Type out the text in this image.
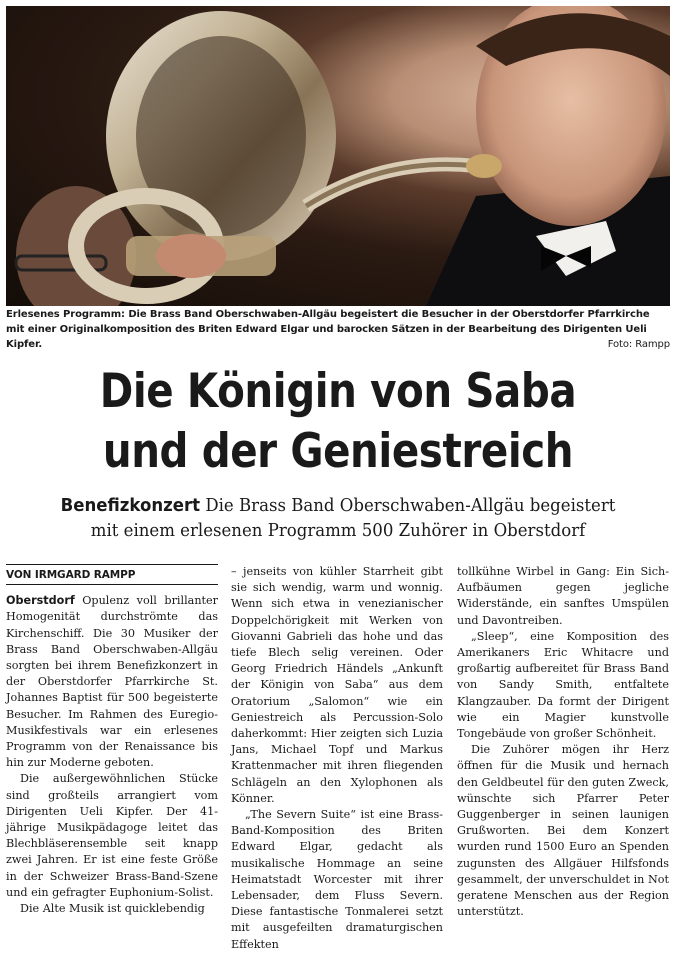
Erlesenes Programm: Die Brass Band Oberschwaben-Allgäu begeistert die Besucher in der Oberstdorfer Pfarrkirche mit einer Originalkomposition des Briten Edward Elgar und barocken Sätzen in der Bearbeitung des Dirigenten Ueli Kipfer.	Foto: Rampp
Die Königin von Saba
und der Geniestreich
Benefizkonzert Die Brass Band Oberschwaben-Allgäu begeistert
mit einem erlesenen Programm 500 Zuhörer in Oberstdorf
VON IRMGARD RAMPP

Oberstdorf Opulenz voll brillanter Homogenität durchströmte das Kirchenschiff. Die 30 Musiker der Brass Band Oberschwaben-Allgäu sorgten bei ihrem Benefizkonzert in der Oberstdorfer Pfarrkirche St. Johannes Baptist für 500 begeisterte Besucher. Im Rahmen des Euregio-Musikfestivals war ein erlesenes Programm von der Renaissance bis hin zur Moderne geboten.

Die außergewöhnlichen Stücke sind großteils arrangiert vom Dirigenten Ueli Kipfer. Der 41-jährige Musikpädagoge leitet das Blechbläserensemble seit knapp zwei Jahren. Er ist eine feste Größe in der Schweizer Brass-Band-Szene und ein gefragter Euphonium-Solist.

Die Alte Musik ist quicklebendig

– jenseits von kühler Starrheit gibt sie sich wendig, warm und wonnig. Wenn sich etwa in venezianischer Doppelchörigkeit mit Werken von Giovanni Gabrieli das hohe und das tiefe Blech selig vereinen. Oder Georg Friedrich Händels „Ankunft der Königin von Saba“ aus dem Oratorium „Salomon“ wie ein Geniestreich als Percussion-Solo daherkommt: Hier zeigten sich Luzia Jans, Michael Topf und Markus Krattenmacher mit ihren fliegenden Schlägeln an den Xylophonen als Könner.

„The Severn Suite“ ist eine Brass-Band-Komposition des Briten Edward Elgar, gedacht als musikalische Hommage an seine Heimatstadt Worcester mit ihrer Lebensader, dem Fluss Severn. Diese fantastische Tonmalerei setzt mit ausgefeilten dramaturgischen Effekten

tollkühne Wirbel in Gang: Ein Sich-Aufbäumen gegen jegliche Widerstände, ein sanftes Umspülen und Davontreiben.

„Sleep“, eine Komposition des Amerikaners Eric Whitacre und großartig aufbereitet für Brass Band von Sandy Smith, entfaltete Klangzauber. Da formt der Dirigent wie ein Magier kunstvolle Tongebäude von großer Schönheit.

Die Zuhörer mögen ihr Herz öffnen für die Musik und hernach den Geldbeutel für den guten Zweck, wünschte sich Pfarrer Peter Guggenberger in seinen launigen Grußworten. Bei dem Konzert wurden rund 1500 Euro an Spenden zugunsten des Allgäuer Hilfsfonds gesammelt, der unverschuldet in Not geratene Menschen aus der Region unterstützt.
